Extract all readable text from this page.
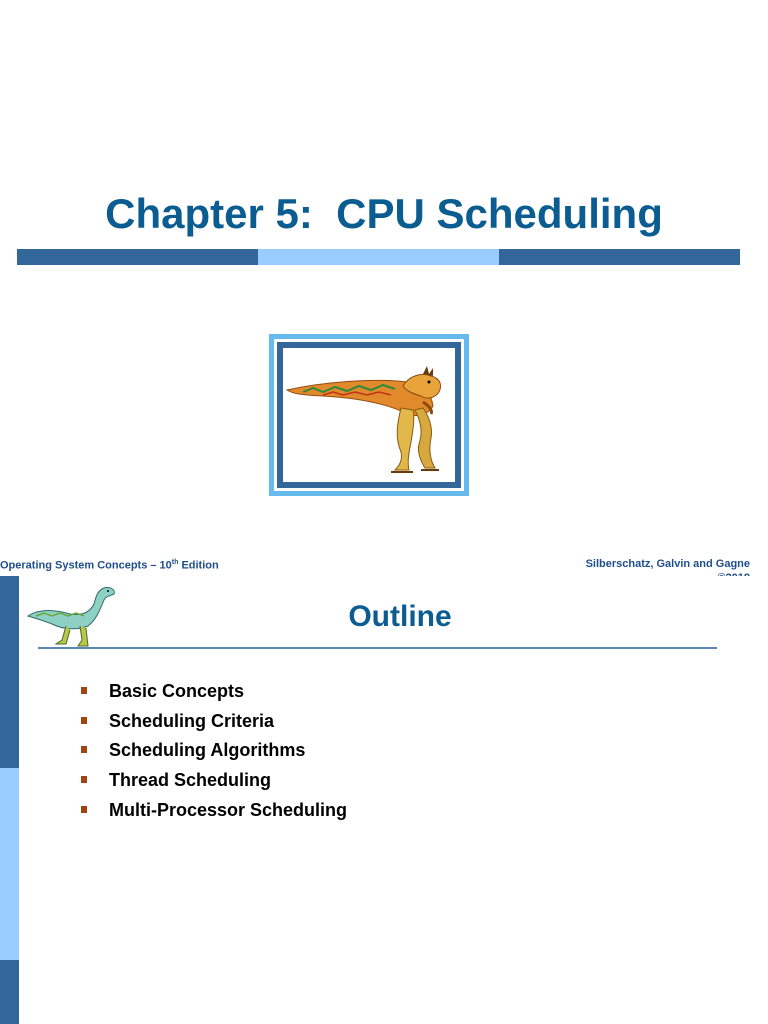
Chapter 5:  CPU Scheduling
Operating System Concepts – 10th Edition	Silberschatz, Galvin and Gagne
Outline
Basic Concepts
Scheduling Criteria
Scheduling Algorithms
Thread Scheduling
Multi-Processor Scheduling
